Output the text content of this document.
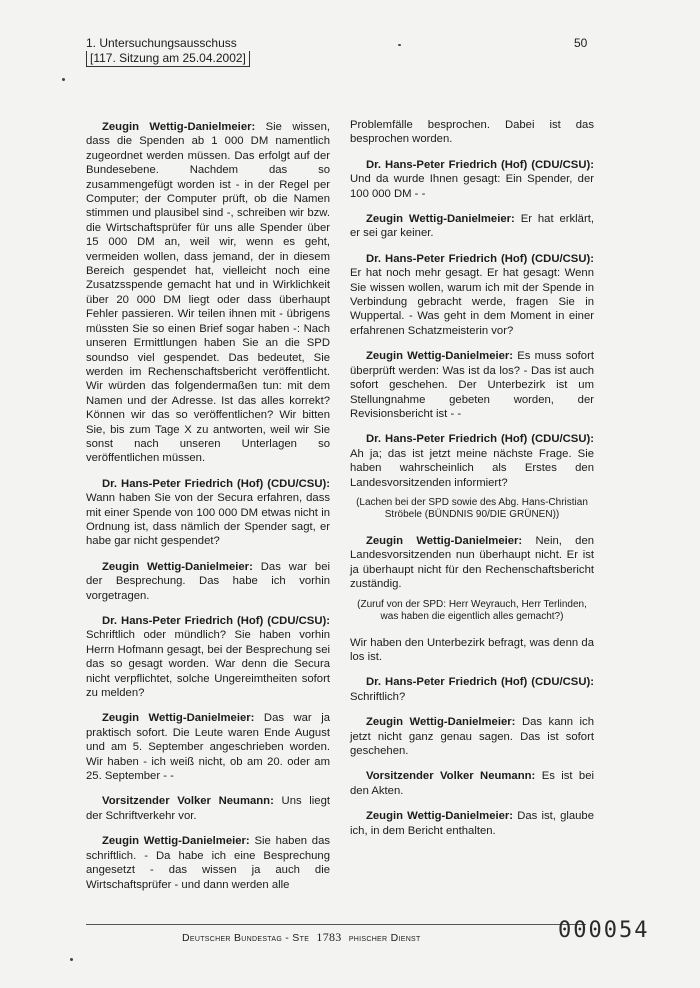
1. Untersuchungsausschuss
[117. Sitzung am 25.04.2002]
50

Zeugin Wettig-Danielmeier: Sie wissen, dass die Spenden ab 1 000 DM namentlich zugeordnet werden müssen. Das erfolgt auf der Bundesebene. Nachdem das so zusammengefügt worden ist - in der Regel per Computer; der Computer prüft, ob die Namen stimmen und plausibel sind -, schreiben wir bzw. die Wirtschaftsprüfer für uns alle Spender über 15 000 DM an, weil wir, wenn es geht, vermeiden wollen, dass jemand, der in diesem Bereich gespendet hat, vielleicht noch eine Zusatzsspende gemacht hat und in Wirklichkeit über 20 000 DM liegt oder dass überhaupt Fehler passieren. Wir teilen ihnen mit - übrigens müssten Sie so einen Brief sogar haben -: Nach unseren Ermittlungen haben Sie an die SPD soundso viel gespendet. Das bedeutet, Sie werden im Rechenschaftsbericht veröffentlicht. Wir würden das folgendermaßen tun: mit dem Namen und der Adresse. Ist das alles korrekt? Können wir das so veröffentlichen? Wir bitten Sie, bis zum Tage X zu antworten, weil wir Sie sonst nach unseren Unterlagen so veröffentlichen müssen.

Dr. Hans-Peter Friedrich (Hof) (CDU/CSU): Wann haben Sie von der Secura erfahren, dass mit einer Spende von 100 000 DM etwas nicht in Ordnung ist, dass nämlich der Spender sagt, er habe gar nicht gespendet?

Zeugin Wettig-Danielmeier: Das war bei der Besprechung. Das habe ich vorhin vorgetragen.

Dr. Hans-Peter Friedrich (Hof) (CDU/CSU): Schriftlich oder mündlich? Sie haben vorhin Herrn Hofmann gesagt, bei der Besprechung sei das so gesagt worden. War denn die Secura nicht verpflichtet, solche Ungereimtheiten sofort zu melden?

Zeugin Wettig-Danielmeier: Das war ja praktisch sofort. Die Leute waren Ende August und am 5. September angeschrieben worden. Wir haben - ich weiß nicht, ob am 20. oder am 25. September - -

Vorsitzender Volker Neumann: Uns liegt der Schriftverkehr vor.

Zeugin Wettig-Danielmeier: Sie haben das schriftlich. - Da habe ich eine Besprechung angesetzt - das wissen ja auch die Wirtschaftsprüfer - und dann werden alle

Problemfälle besprochen. Dabei ist das besprochen worden.

Dr. Hans-Peter Friedrich (Hof) (CDU/CSU): Und da wurde Ihnen gesagt: Ein Spender, der 100 000 DM - -

Zeugin Wettig-Danielmeier: Er hat erklärt, er sei gar keiner.

Dr. Hans-Peter Friedrich (Hof) (CDU/CSU): Er hat noch mehr gesagt. Er hat gesagt: Wenn Sie wissen wollen, warum ich mit der Spende in Verbindung gebracht werde, fragen Sie in Wuppertal. - Was geht in dem Moment in einer erfahrenen Schatzmeisterin vor?

Zeugin Wettig-Danielmeier: Es muss sofort überprüft werden: Was ist da los? - Das ist auch sofort geschehen. Der Unterbezirk ist um Stellungnahme gebeten worden, der Revisionsbericht ist - -

Dr. Hans-Peter Friedrich (Hof) (CDU/CSU): Ah ja; das ist jetzt meine nächste Frage. Sie haben wahrscheinlich als Erstes den Landesvorsitzenden informiert?

(Lachen bei der SPD sowie des Abg. Hans-Christian Ströbele (BÜNDNIS 90/DIE GRÜNEN))

Zeugin Wettig-Danielmeier: Nein, den Landesvorsitzenden nun überhaupt nicht. Er ist ja überhaupt nicht für den Rechenschaftsbericht zuständig.

(Zuruf von der SPD: Herr Weyrauch, Herr Terlinden, was haben die eigentlich alles gemacht?)

Wir haben den Unterbezirk befragt, was denn da los ist.

Dr. Hans-Peter Friedrich (Hof) (CDU/CSU): Schriftlich?

Zeugin Wettig-Danielmeier: Das kann ich jetzt nicht ganz genau sagen. Das ist sofort geschehen.

Vorsitzender Volker Neumann: Es ist bei den Akten.

Zeugin Wettig-Danielmeier: Das ist, glaube ich, in dem Bericht enthalten.

Deutscher Bundestag - Ste 1783 phischer Dienst	000054
